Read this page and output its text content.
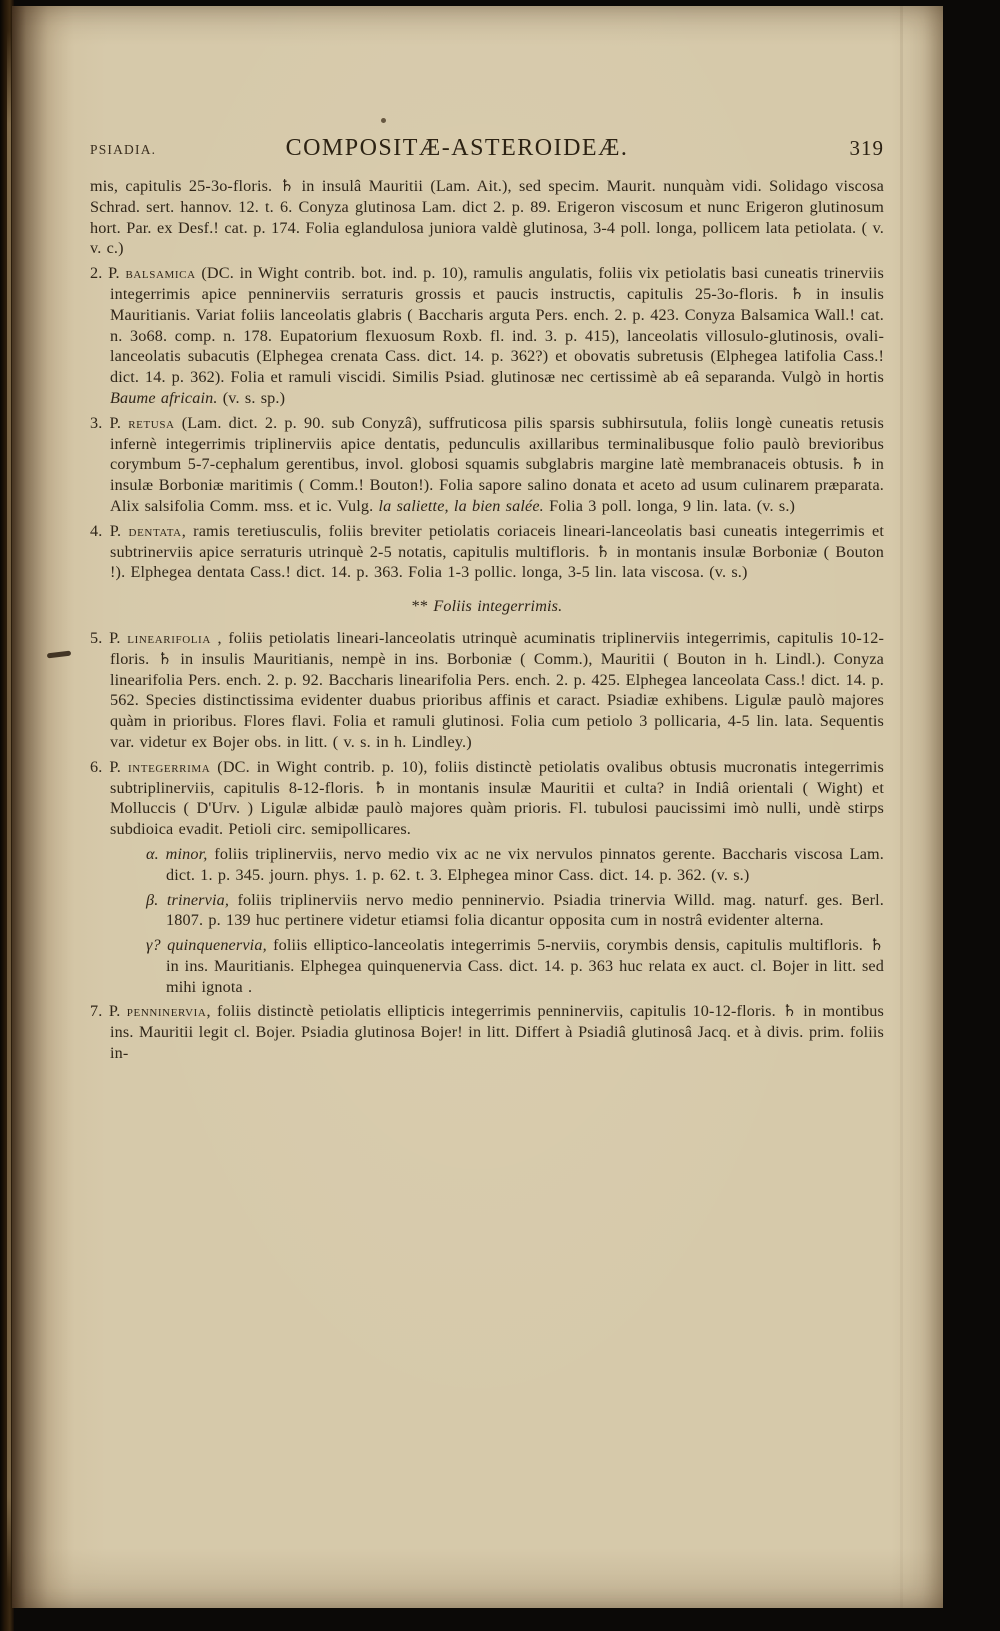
PSIADIA.	COMPOSITÆ-ASTEROIDEÆ.	319

mis, capitulis 25-3o-floris. ♄ in insulâ Mauritii (Lam. Ait.), sed specim. Maurit. nunquàm vidi. Solidago viscosa Schrad. sert. hannov. 12. t. 6. Conyza glutinosa Lam. dict 2. p. 89. Erigeron viscosum et nunc Erigeron glutinosum hort. Par. ex Desf.! cat. p. 174. Folia eglandulosa juniora valdè glutinosa, 3-4 poll. longa, pollicem lata petiolata. ( v. v. c.)

2. P. balsamica (DC. in Wight contrib. bot. ind. p. 10), ramulis angulatis, foliis vix petiolatis basi cuneatis trinerviis integerrimis apice penninerviis serraturis grossis et paucis instructis, capitulis 25-3o-floris. ♄ in insulis Mauritianis. Variat foliis lanceolatis glabris ( Baccharis arguta Pers. ench. 2. p. 423. Conyza Balsamica Wall.! cat. n. 3o68. comp. n. 178. Eupatorium flexuosum Roxb. fl. ind. 3. p. 415), lanceolatis villosulo-glutinosis, ovali-lanceolatis subacutis (Elphegea crenata Cass. dict. 14. p. 362?) et obovatis subretusis (Elphegea latifolia Cass.! dict. 14. p. 362). Folia et ramuli viscidi. Similis Psiad. glutinosæ nec certissimè ab eâ separanda. Vulgò in hortis Baume africain. (v. s. sp.)

3. P. retusa (Lam. dict. 2. p. 90. sub Conyzâ), suffruticosa pilis sparsis subhirsutula, foliis longè cuneatis retusis infernè integerrimis triplinerviis apice dentatis, pedunculis axillaribus terminalibusque folio paulò brevioribus corymbum 5-7-cephalum gerentibus, invol. globosi squamis subglabris margine latè membranaceis obtusis. ♄ in insulæ Borboniæ maritimis ( Comm.! Bouton!). Folia sapore salino donata et aceto ad usum culinarem præparata. Alix salsifolia Comm. mss. et ic. Vulg. la saliette, la bien salée. Folia 3 poll. longa, 9 lin. lata. (v. s.)

4. P. dentata, ramis teretiusculis, foliis breviter petiolatis coriaceis lineari-lanceolatis basi cuneatis integerrimis et subtrinerviis apice serraturis utrinquè 2-5 notatis, capitulis multifloris. ♄ in montanis insulæ Borboniæ ( Bouton !). Elphegea dentata Cass.! dict. 14. p. 363. Folia 1-3 pollic. longa, 3-5 lin. lata viscosa. (v. s.)

** Foliis integerrimis.

5. P. linearifolia , foliis petiolatis lineari-lanceolatis utrinquè acuminatis triplinerviis integerrimis, capitulis 10-12-floris. ♄ in insulis Mauritianis, nempè in ins. Borboniæ ( Comm.), Mauritii ( Bouton in h. Lindl.). Conyza linearifolia Pers. ench. 2. p. 92. Baccharis linearifolia Pers. ench. 2. p. 425. Elphegea lanceolata Cass.! dict. 14. p. 562. Species distinctissima evidenter duabus prioribus affinis et caract. Psiadiæ exhibens. Ligulæ paulò majores quàm in prioribus. Flores flavi. Folia et ramuli glutinosi. Folia cum petiolo 3 pollicaria, 4-5 lin. lata. Sequentis var. videtur ex Bojer obs. in litt. ( v. s. in h. Lindley.)

6. P. integerrima (DC. in Wight contrib. p. 10), foliis distinctè petiolatis ovalibus obtusis mucronatis integerrimis subtriplinerviis, capitulis 8-12-floris. ♄ in montanis insulæ Mauritii et culta? in Indiâ orientali ( Wight) et Molluccis ( D'Urv. ) Ligulæ albidæ paulò majores quàm prioris. Fl. tubulosi paucissimi imò nulli, undè stirps subdioica evadit. Petioli circ. semipollicares.

α. minor, foliis triplinerviis, nervo medio vix ac ne vix nervulos pinnatos gerente. Baccharis viscosa Lam. dict. 1. p. 345. journ. phys. 1. p. 62. t. 3. Elphegea minor Cass. dict. 14. p. 362. (v. s.)

β. trinervia, foliis triplinerviis nervo medio penninervio. Psiadia trinervia Willd. mag. naturf. ges. Berl. 1807. p. 139 huc pertinere videtur etiamsi folia dicantur opposita cum in nostrâ evidenter alterna.

γ? quinquenervia, foliis elliptico-lanceolatis integerrimis 5-nerviis, corymbis densis, capitulis multifloris. ♄ in ins. Mauritianis. Elphegea quinquenervia Cass. dict. 14. p. 363 huc relata ex auct. cl. Bojer in litt. sed mihi ignota .

7. P. penninervia, foliis distinctè petiolatis ellipticis integerrimis penninerviis, capitulis 10-12-floris. ♄ in montibus ins. Mauritii legit cl. Bojer. Psiadia glutinosa Bojer! in litt. Differt à Psiadiâ glutinosâ Jacq. et à divis. prim. foliis in-
